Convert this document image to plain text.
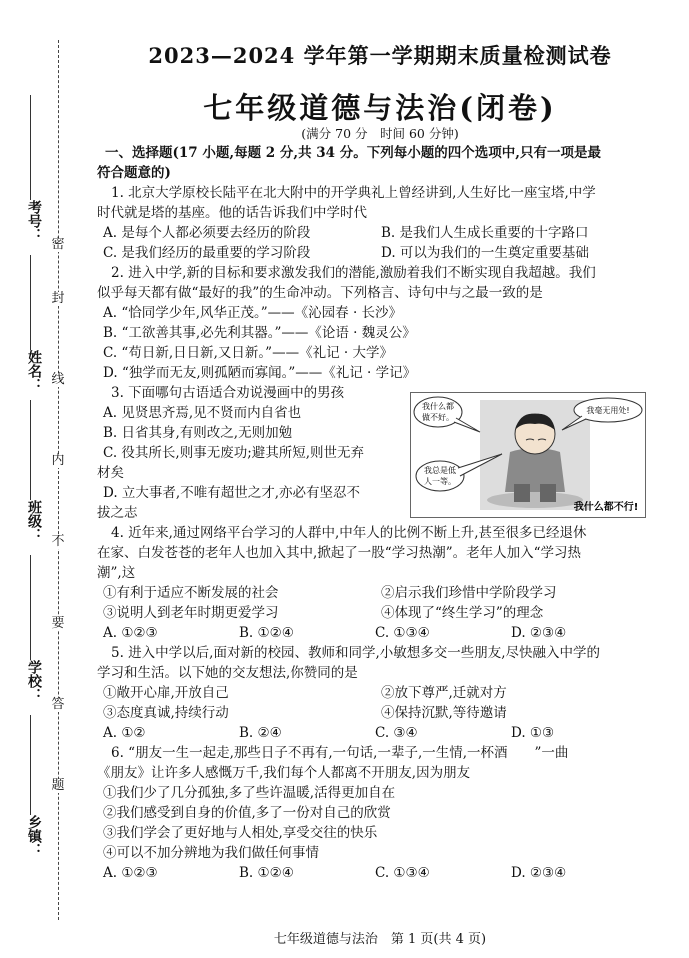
考号：
姓名：
班级：
学校：
乡镇：
密
封
线
内
不
要
答
题
2023—2024 学年第一学期期末质量检测试卷
七年级道德与法治(闭卷)
(满分 70 分　时间 60 分钟)
一、选择题(17 小题,每题 2 分,共 34 分。下列每小题的四个选项中,只有一项是最
符合题意的)
1. 北京大学原校长陆平在北大附中的开学典礼上曾经讲到,人生好比一座宝塔,中学
时代就是塔的基座。他的话告诉我们中学时代
A. 是每个人都必须要去经历的阶段	B. 是我们人生成长重要的十字路口
C. 是我们经历的最重要的学习阶段	D. 可以为我们的一生奠定重要基础
2. 进入中学,新的目标和要求激发我们的潜能,激励着我们不断实现自我超越。我们
似乎每天都有做“最好的我”的生命冲动。下列格言、诗句中与之最一致的是
A. “恰同学少年,风华正茂。”——《沁园春 · 长沙》
B. “工欲善其事,必先利其器。”——《论语 · 魏灵公》
C. “苟日新,日日新,又日新。”——《礼记 · 大学》
D. “独学而无友,则孤陋而寡闻。”——《礼记 · 学记》
3. 下面哪句古语适合劝说漫画中的男孩
A. 见贤思齐焉,见不贤而内自省也
B. 日省其身,有则改之,无则加勉
C. 役其所长,则事无废功;避其所短,则世无弃
材矣
D. 立大事者,不唯有超世之才,亦必有坚忍不
拔之志
4. 近年来,通过网络平台学习的人群中,中年人的比例不断上升,甚至很多已经退休
在家、白发苍苍的老年人也加入其中,掀起了一股“学习热潮”。老年人加入“学习热
潮”,这
①有利于适应不断发展的社会	②启示我们珍惜中学阶段学习
③说明人到老年时期更爱学习	④体现了“终生学习”的理念
A. ①②③	B. ①②④	C. ①③④	D. ②③④
5. 进入中学以后,面对新的校园、教师和同学,小敏想多交一些朋友,尽快融入中学的
学习和生活。以下她的交友想法,你赞同的是
①敞开心扉,开放自己	②放下尊严,迁就对方
③态度真诚,持续行动	④保持沉默,等待邀请
A. ①②	B. ②④	C. ③④	D. ①③
6. “朋友一生一起走,那些日子不再有,一句话,一辈子,一生情,一杯酒　　”一曲
《朋友》让许多人感慨万千,我们每个人都离不开朋友,因为朋友
①我们少了几分孤独,多了些许温暖,活得更加自在
②我们感受到自身的价值,多了一份对自己的欣赏
③我们学会了更好地与人相处,享受交往的快乐
④可以不加分辨地为我们做任何事情
A. ①②③	B. ①②④	C. ①③④	D. ②③④
我什么都
做不好。
我毫无用处!
我总是低
人一等。
我什么都不行!
七年级道德与法治　第 1 页(共 4 页)
